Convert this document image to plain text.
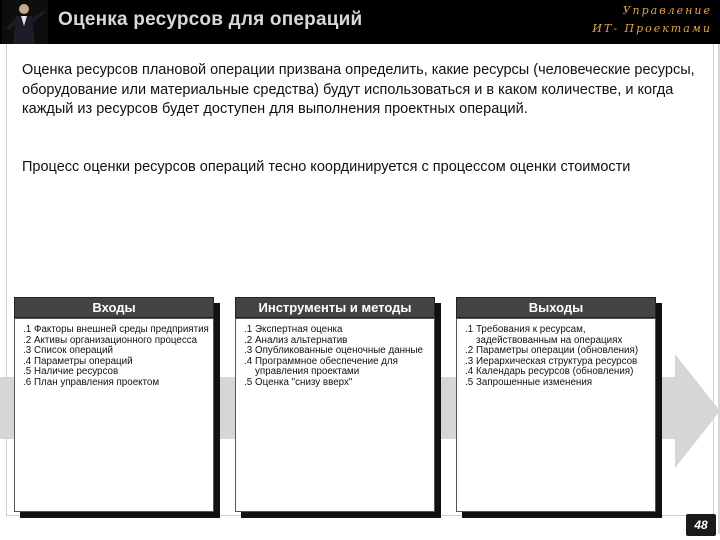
Оценка ресурсов для операций	Управление
ИТ- Проектами

Оценка ресурсов плановой операции призвана определить, какие ресурсы (человеческие ресурсы, оборудование или материальные средства) будут использоваться и в каком количестве, и когда каждый из ресурсов будет доступен для выполнения проектных операций.

Процесс оценки ресурсов операций тесно координируется с процессом оценки стоимости

Входы
.1 Факторы внешней среды предприятия
.2 Активы организационного процесса
.3 Список операций
.4 Параметры операций
.5 Наличие ресурсов
.6 План управления проектом
Инструменты и методы
.1 Экспертная оценка
.2 Анализ альтернатив
.3 Опубликованные оценочные данные
.4 Программное обеспечение для управления проектами
.5 Оценка "снизу вверх"
Выходы
.1 Требования к ресурсам, задействованным на операциях
.2 Параметры операции (обновления)
.3 Иерархическая структура ресурсов
.4 Календарь ресурсов (обновления)
.5 Запрошенные изменения
48
